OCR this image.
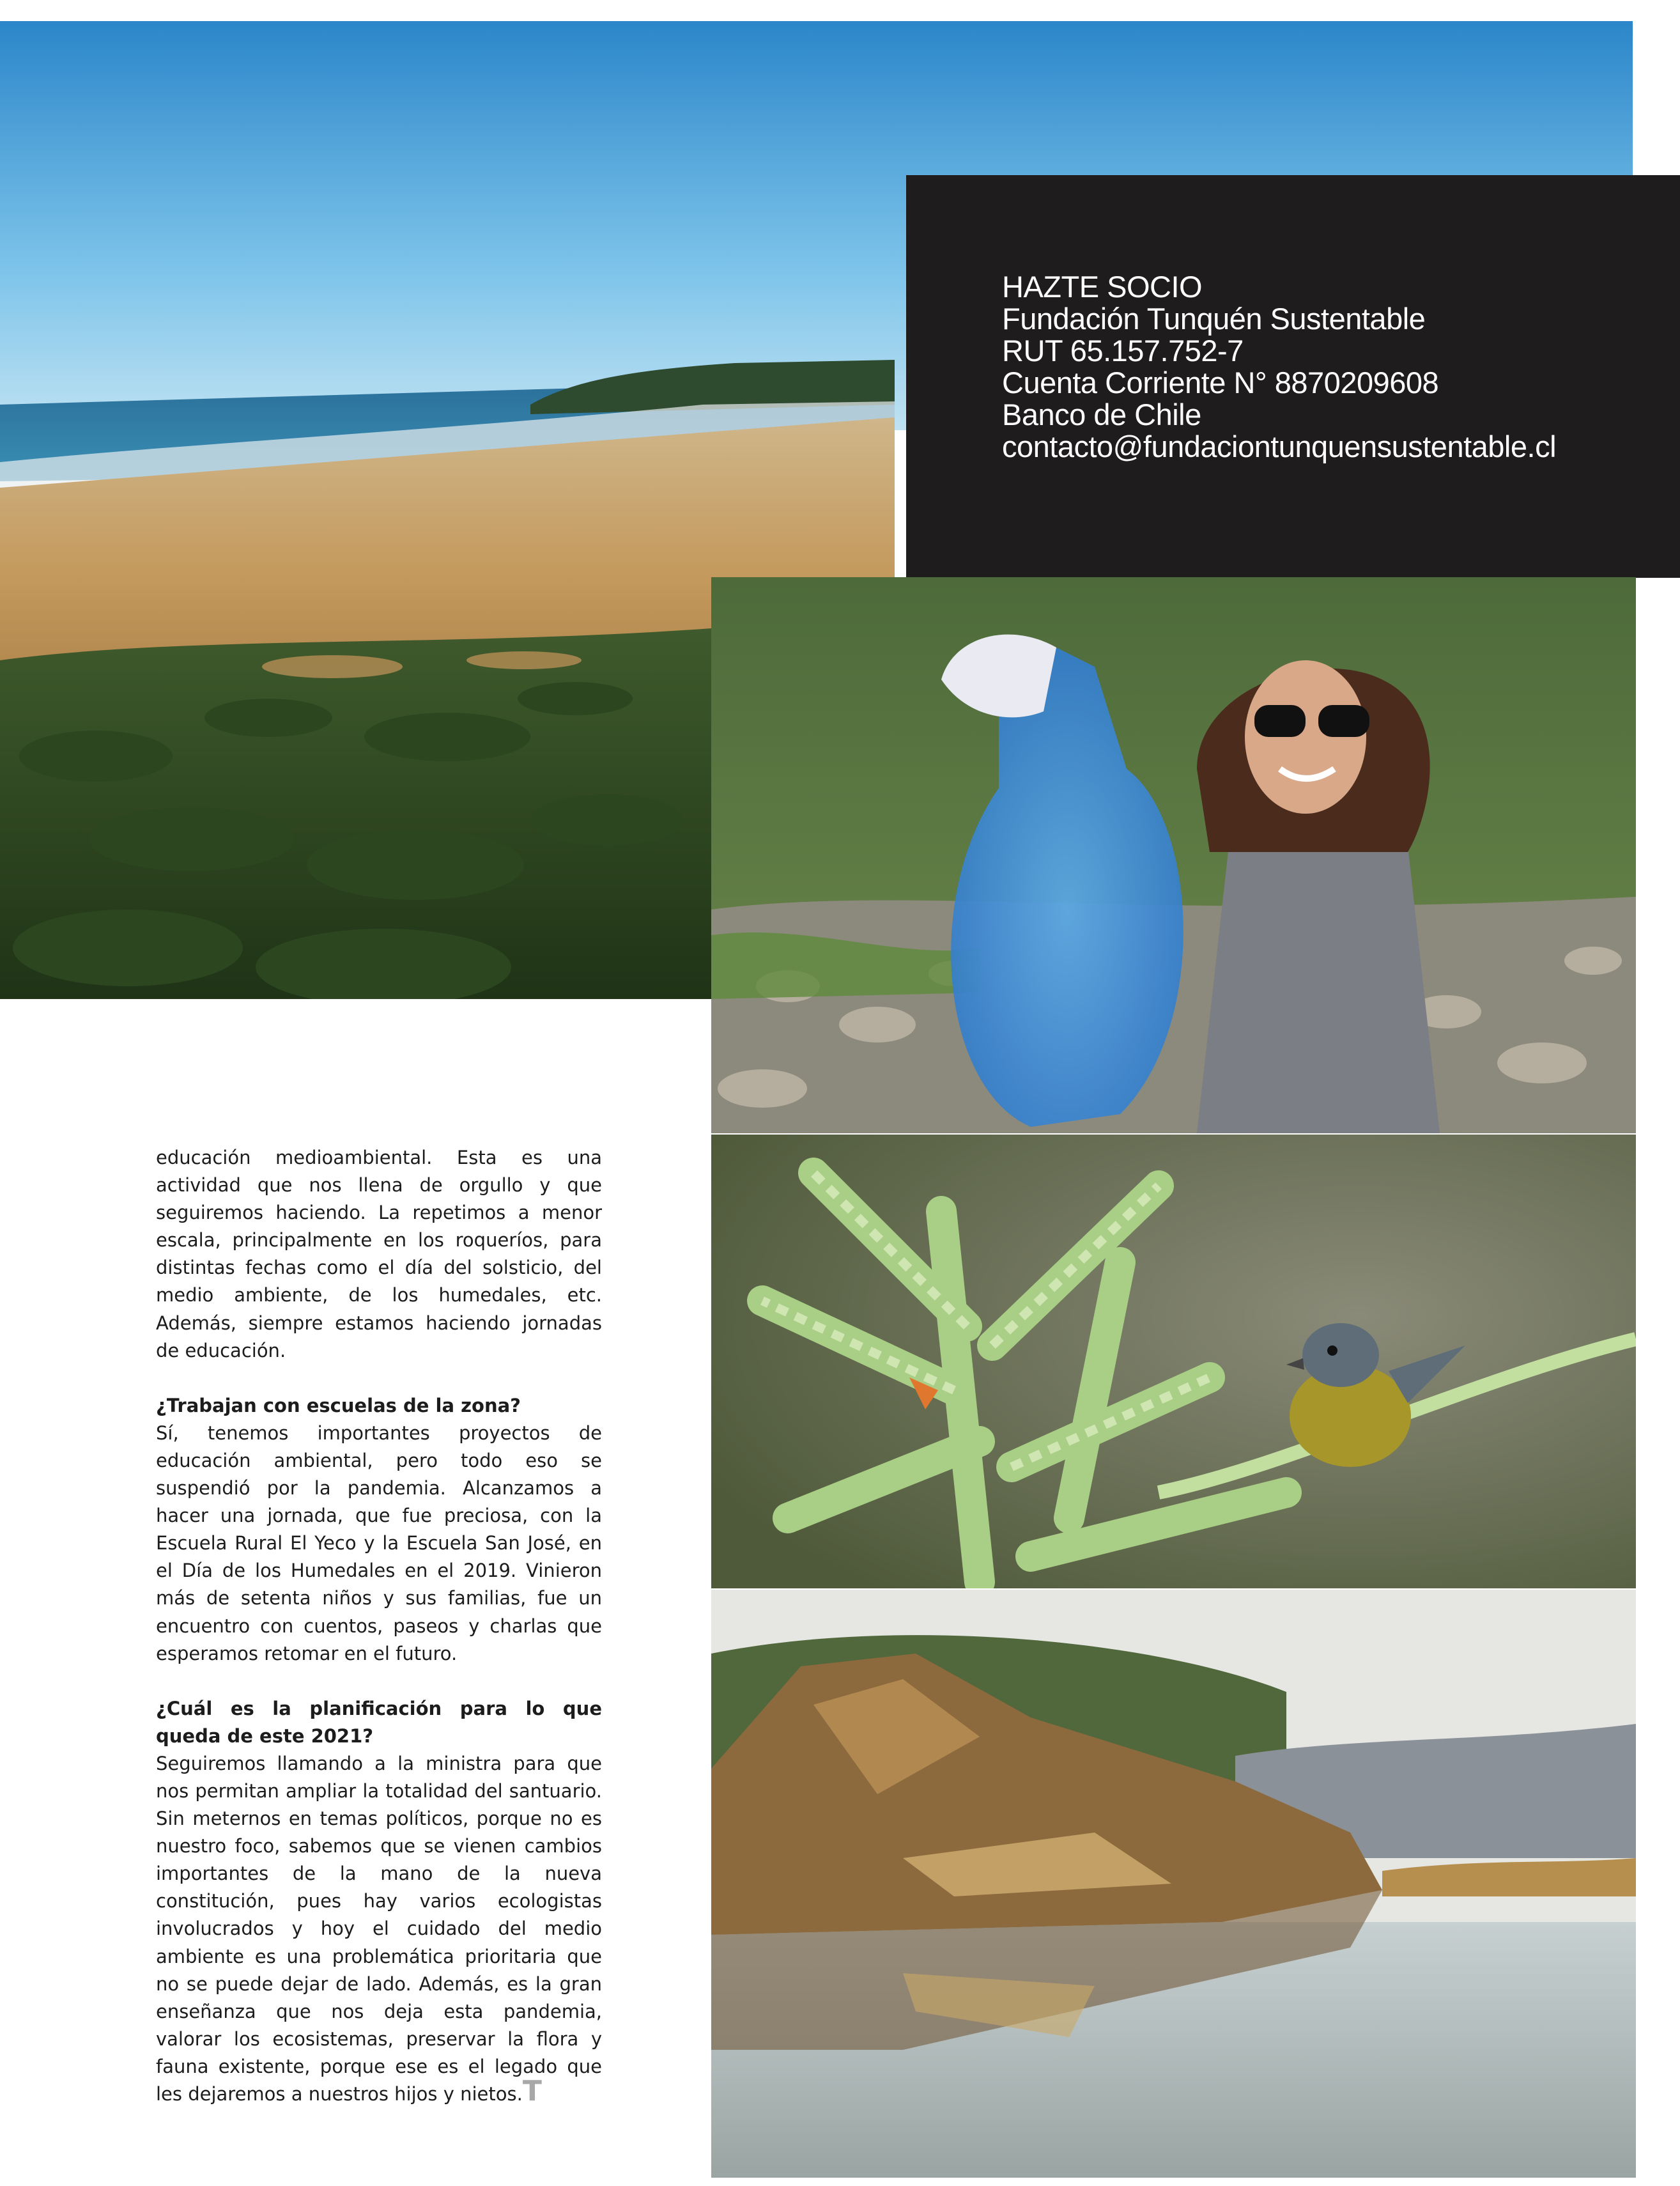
HAZTE SOCIO
Fundación Tunquén Sustentable
RUT 65.157.752-7
Cuenta Corriente N° 8870209608
Banco de Chile
contacto@fundaciontunquensustentable.cl

educación medioambiental. Esta es una actividad que nos llena de orgullo y que seguiremos haciendo. La repetimos a menor escala, principalmente en los roqueríos, para distintas fechas como el día del solsticio, del medio ambiente, de los humedales, etc. Además, siempre estamos haciendo jornadas de educación.

¿Trabajan con escuelas de la zona?
Sí, tenemos importantes proyectos de educación ambiental, pero todo eso se suspendió por la pandemia. Alcanzamos a hacer una jornada, que fue preciosa, con la Escuela Rural El Yeco y la Escuela San José, en el Día de los Humedales en el 2019. Vinieron más de setenta niños y sus familias, fue un encuentro con cuentos, paseos y charlas que esperamos retomar en el futuro.

¿Cuál es la planificación para lo que queda de este 2021?
Seguiremos llamando a la ministra para que nos permitan ampliar la totalidad del santuario. Sin meternos en temas políticos, porque no es nuestro foco, sabemos que se vienen cambios importantes de la mano de la nueva constitución, pues hay varios ecologistas involucrados y hoy el cuidado del medio ambiente es una problemática prioritaria que no se puede dejar de lado. Además, es la gran enseñanza que nos deja esta pandemia, valorar los ecosistemas, preservar la flora y fauna existente, porque ese es el legado que les dejaremos a nuestros hijos y nietos.T
